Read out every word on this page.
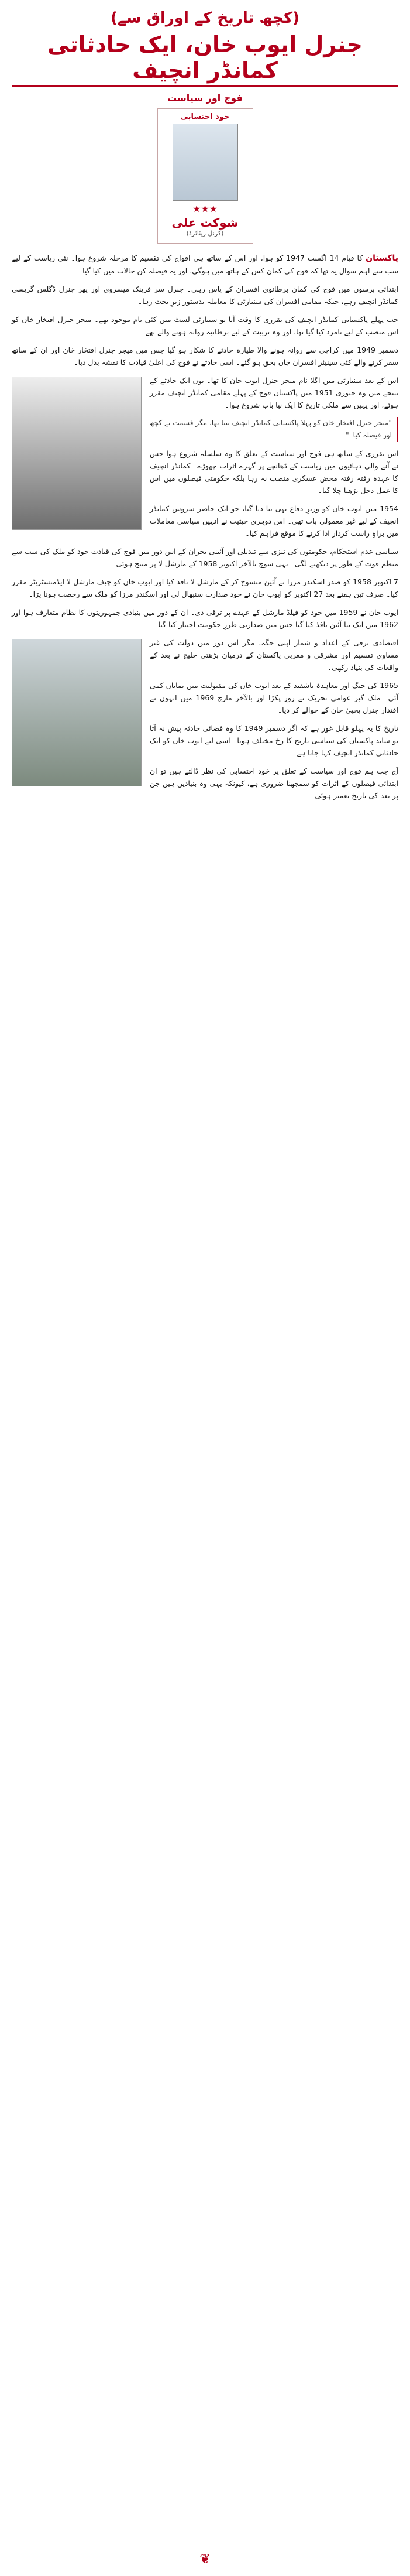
(کچھ تاریخ کے اوراق سے)
جنرل ایوب خان، ایک حادثاتی کمانڈر انچیف
فوج اور سیاست
خود احتسابی
★★★
شوکت علی
(کرنل ریٹائرڈ)

پاکستان کا قیام 14 اگست 1947 کو ہوا، اور اس کے ساتھ ہی افواج کی تقسیم کا مرحلہ شروع ہوا۔ نئی ریاست کے لیے سب سے اہم سوال یہ تھا کہ فوج کی کمان کس کے ہاتھ میں ہوگی، اور یہ فیصلہ کن حالات میں کیا گیا۔

ابتدائی برسوں میں فوج کی کمان برطانوی افسران کے پاس رہی۔ جنرل سر فرینک میسروی اور پھر جنرل ڈگلس گریسی کمانڈر انچیف رہے، جبکہ مقامی افسران کی سنیارٹی کا معاملہ بدستور زیرِ بحث رہا۔

جب پہلے پاکستانی کمانڈر انچیف کی تقرری کا وقت آیا تو سنیارٹی لسٹ میں کئی نام موجود تھے۔ میجر جنرل افتخار خان کو اس منصب کے لیے نامزد کیا گیا تھا، اور وہ تربیت کے لیے برطانیہ روانہ ہونے والے تھے۔

دسمبر 1949 میں کراچی سے روانہ ہونے والا طیارہ حادثے کا شکار ہو گیا جس میں میجر جنرل افتخار خان اور ان کے ساتھ سفر کرنے والے کئی سینیئر افسران جاں بحق ہو گئے۔ اسی حادثے نے فوج کی اعلیٰ قیادت کا نقشہ بدل دیا۔

اس کے بعد سنیارٹی میں اگلا نام میجر جنرل ایوب خان کا تھا۔ یوں ایک حادثے کے نتیجے میں وہ جنوری 1951 میں پاکستان فوج کے پہلے مقامی کمانڈر انچیف مقرر ہوئے، اور یہیں سے ملکی تاریخ کا ایک نیا باب شروع ہوا۔

"میجر جنرل افتخار خان کو پہلا پاکستانی کمانڈر انچیف بننا تھا، مگر قسمت نے کچھ اور فیصلہ کیا۔"

اس تقرری کے ساتھ ہی فوج اور سیاست کے تعلق کا وہ سلسلہ شروع ہوا جس نے آنے والی دہائیوں میں ریاست کے ڈھانچے پر گہرے اثرات چھوڑے۔ کمانڈر انچیف کا عہدہ رفتہ رفتہ محض عسکری منصب نہ رہا بلکہ حکومتی فیصلوں میں اس کا عمل دخل بڑھتا چلا گیا۔

1954 میں ایوب خان کو وزیرِ دفاع بھی بنا دیا گیا، جو ایک حاضر سروس کمانڈر انچیف کے لیے غیر معمولی بات تھی۔ اس دوہری حیثیت نے انہیں سیاسی معاملات میں براہِ راست کردار ادا کرنے کا موقع فراہم کیا۔

سیاسی عدم استحکام، حکومتوں کی تیزی سے تبدیلی اور آئینی بحران کے اس دور میں فوج کی قیادت خود کو ملک کی سب سے منظم قوت کے طور پر دیکھنے لگی۔ یہی سوچ بالآخر اکتوبر 1958 کے مارشل لا پر منتج ہوئی۔

7 اکتوبر 1958 کو صدر اسکندر مرزا نے آئین منسوخ کر کے مارشل لا نافذ کیا اور ایوب خان کو چیف مارشل لا ایڈمنسٹریٹر مقرر کیا۔ صرف تین ہفتے بعد 27 اکتوبر کو ایوب خان نے خود صدارت سنبھال لی اور اسکندر مرزا کو ملک سے رخصت ہونا پڑا۔

ایوب خان نے 1959 میں خود کو فیلڈ مارشل کے عہدے پر ترقی دی۔ ان کے دور میں بنیادی جمہوریتوں کا نظام متعارف ہوا اور 1962 میں ایک نیا آئین نافذ کیا گیا جس میں صدارتی طرزِ حکومت اختیار کیا گیا۔

اقتصادی ترقی کے اعداد و شمار اپنی جگہ، مگر اس دور میں دولت کی غیر مساوی تقسیم اور مشرقی و مغربی پاکستان کے درمیان بڑھتی خلیج نے بعد کے واقعات کی بنیاد رکھی۔

1965 کی جنگ اور معاہدۂ تاشقند کے بعد ایوب خان کی مقبولیت میں نمایاں کمی آئی۔ ملک گیر عوامی تحریک نے زور پکڑا اور بالآخر مارچ 1969 میں انہوں نے اقتدار جنرل یحییٰ خان کے حوالے کر دیا۔

تاریخ کا یہ پہلو قابلِ غور ہے کہ اگر دسمبر 1949 کا وہ فضائی حادثہ پیش نہ آتا تو شاید پاکستان کی سیاسی تاریخ کا رخ مختلف ہوتا۔ اسی لیے ایوب خان کو ایک حادثاتی کمانڈر انچیف کہا جاتا ہے۔

آج جب ہم فوج اور سیاست کے تعلق پر خود احتسابی کی نظر ڈالتے ہیں تو ان ابتدائی فیصلوں کے اثرات کو سمجھنا ضروری ہے، کیونکہ یہی وہ بنیادیں ہیں جن پر بعد کی تاریخ تعمیر ہوئی۔

❦
